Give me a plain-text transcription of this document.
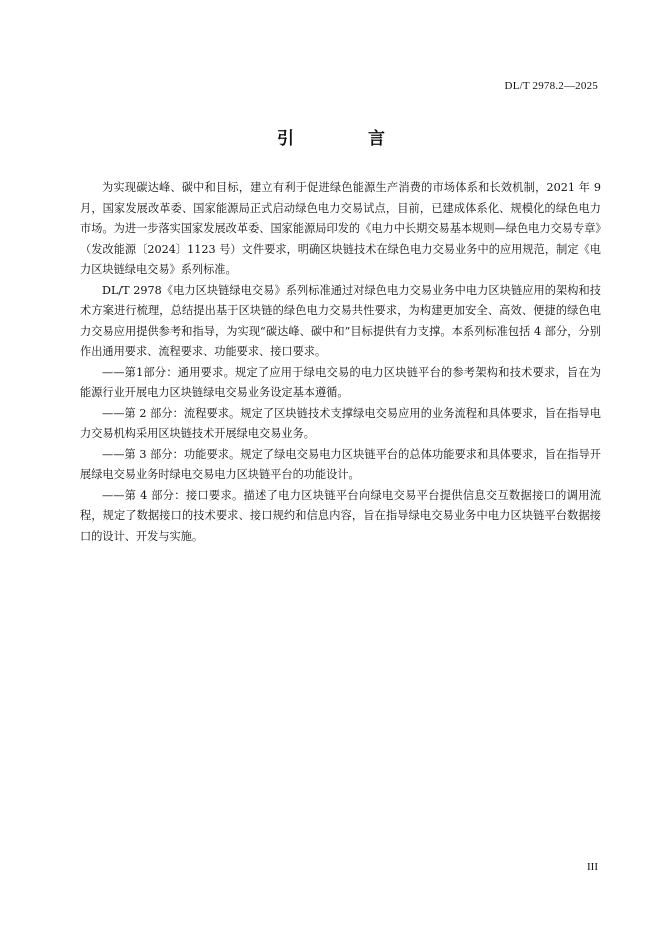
DL/T 2978.2—2025
引 言

为实现碳达峰、碳中和目标，建立有利于促进绿色能源生产消费的市场体系和长效机制，2021 年 9 月，国家发展改革委、国家能源局正式启动绿色电力交易试点，目前，已建成体系化、规模化的绿色电力市场。为进一步落实国家发展改革委、国家能源局印发的《电力中长期交易基本规则—绿色电力交易专章》（发改能源〔2024〕1123 号）文件要求，明确区块链技术在绿色电力交易业务中的应用规范，制定《电力区块链绿电交易》系列标准。

DL/T 2978《电力区块链绿电交易》系列标准通过对绿色电力交易业务中电力区块链应用的架构和技术方案进行梳理，总结提出基于区块链的绿色电力交易共性要求，为构建更加安全、高效、便捷的绿色电力交易应用提供参考和指导，为实现“碳达峰、碳中和”目标提供有力支撑。本系列标准包括 4 部分，分别作出通用要求、流程要求、功能要求、接口要求。

——第1部分：通用要求。规定了应用于绿电交易的电力区块链平台的参考架构和技术要求，旨在为能源行业开展电力区块链绿电交易业务设定基本遵循。

——第 2 部分：流程要求。规定了区块链技术支撑绿电交易应用的业务流程和具体要求，旨在指导电力交易机构采用区块链技术开展绿电交易业务。

——第 3 部分：功能要求。规定了绿电交易电力区块链平台的总体功能要求和具体要求，旨在指导开展绿电交易业务时绿电交易电力区块链平台的功能设计。

——第 4 部分：接口要求。描述了电力区块链平台向绿电交易平台提供信息交互数据接口的调用流程，规定了数据接口的技术要求、接口规约和信息内容，旨在指导绿电交易业务中电力区块链平台数据接口的设计、开发与实施。

III
